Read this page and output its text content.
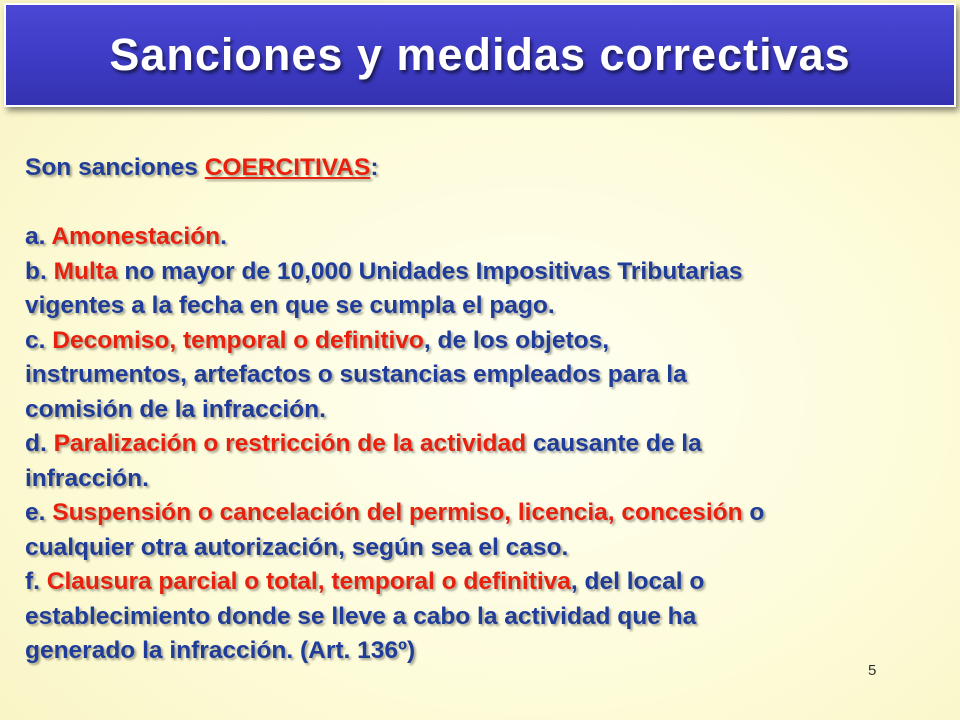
Sanciones y medidas correctivas
Son sanciones COERCITIVAS:
a. Amonestación.
b. Multa no mayor de 10,000 Unidades Impositivas Tributarias
vigentes a la fecha en que se cumpla el pago.
c. Decomiso, temporal o definitivo, de los objetos,
instrumentos, artefactos o sustancias empleados para la
comisión de la infracción.
d. Paralización o restricción de la actividad causante de la
infracción.
e. Suspensión o cancelación del permiso, licencia, concesión o
cualquier otra autorización, según sea el caso.
f. Clausura parcial o total, temporal o definitiva, del local o
establecimiento donde se lleve a cabo la actividad que ha
generado la infracción. (Art. 136º)
5
